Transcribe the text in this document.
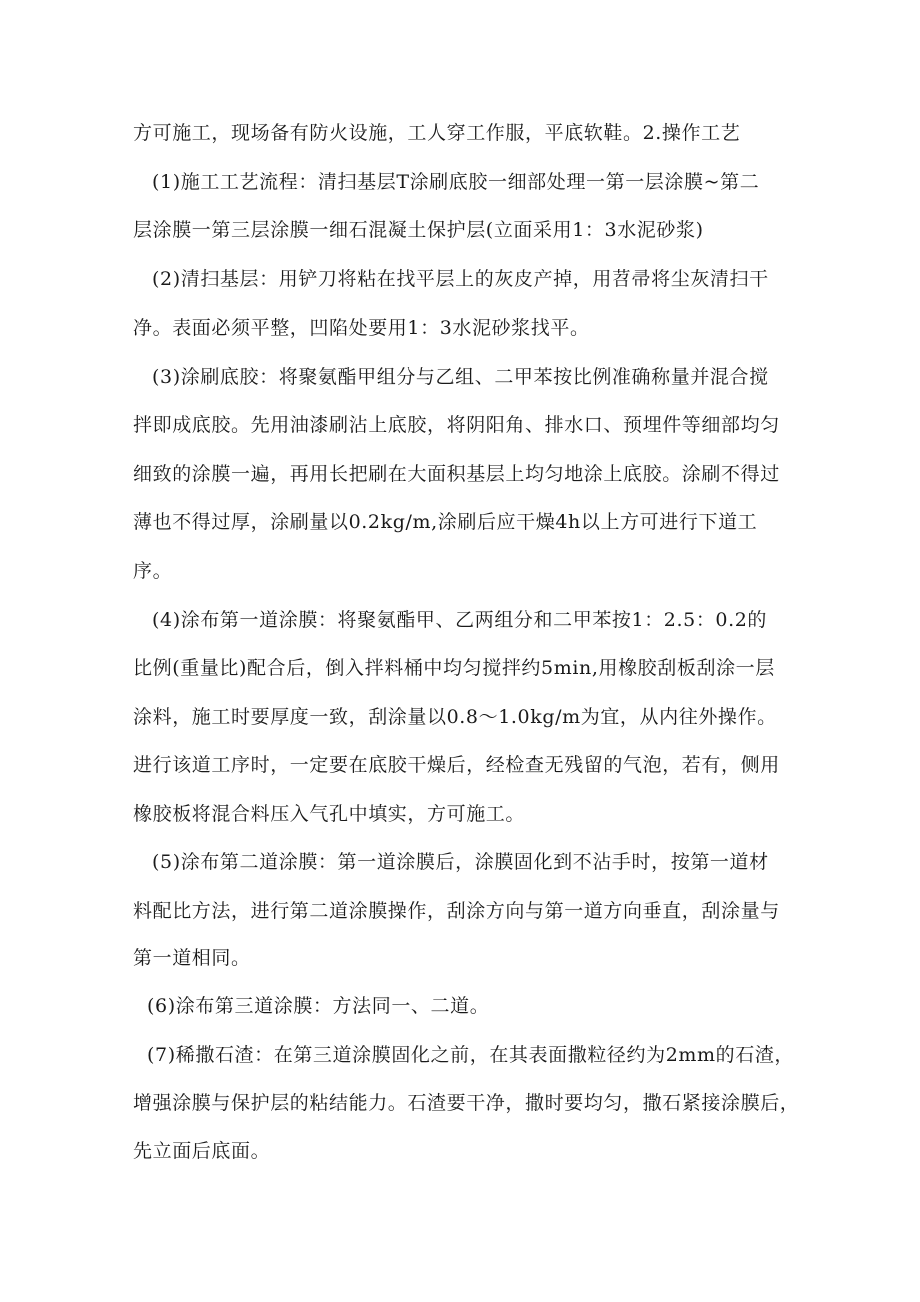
方可施工，现场备有防火设施，工人穿工作服，平底软鞋。2.操作工艺
(1)施工工艺流程：清扫基层T涂刷底胶一细部处理一第一层涂膜~第二
层涂膜一第三层涂膜一细石混凝土保护层(立面采用1：3水泥砂浆)
(2)清扫基层：用铲刀将粘在找平层上的灰皮产掉，用苕帚将尘灰清扫干
净。表面必须平整，凹陷处要用1：3水泥砂浆找平。
(3)涂刷底胶：将聚氨酯甲组分与乙组、二甲苯按比例准确称量并混合搅
拌即成底胶。先用油漆刷沾上底胶，将阴阳角、排水口、预埋件等细部均匀
细致的涂膜一遍，再用长把刷在大面积基层上均匀地涂上底胶。涂刷不得过
薄也不得过厚，涂刷量以0.2kg/m,涂刷后应干燥4h以上方可进行下道工
序。
(4)涂布第一道涂膜：将聚氨酯甲、乙两组分和二甲苯按1：2.5：0.2的
比例(重量比)配合后，倒入拌料桶中均匀搅拌约5min,用橡胶刮板刮涂一层
涂料，施工时要厚度一致，刮涂量以0.8～1.0kg/m为宜，从内往外操作。
进行该道工序时，一定要在底胶干燥后，经检查无残留的气泡，若有，侧用
橡胶板将混合料压入气孔中填实，方可施工。
(5)涂布第二道涂膜：第一道涂膜后，涂膜固化到不沾手时，按第一道材
料配比方法，进行第二道涂膜操作，刮涂方向与第一道方向垂直，刮涂量与
第一道相同。
(6)涂布第三道涂膜：方法同一、二道。
(7)稀撒石渣：在第三道涂膜固化之前，在其表面撒粒径约为2mm的石渣，
增强涂膜与保护层的粘结能力。石渣要干净，撒时要均匀，撒石紧接涂膜后，
先立面后底面。
